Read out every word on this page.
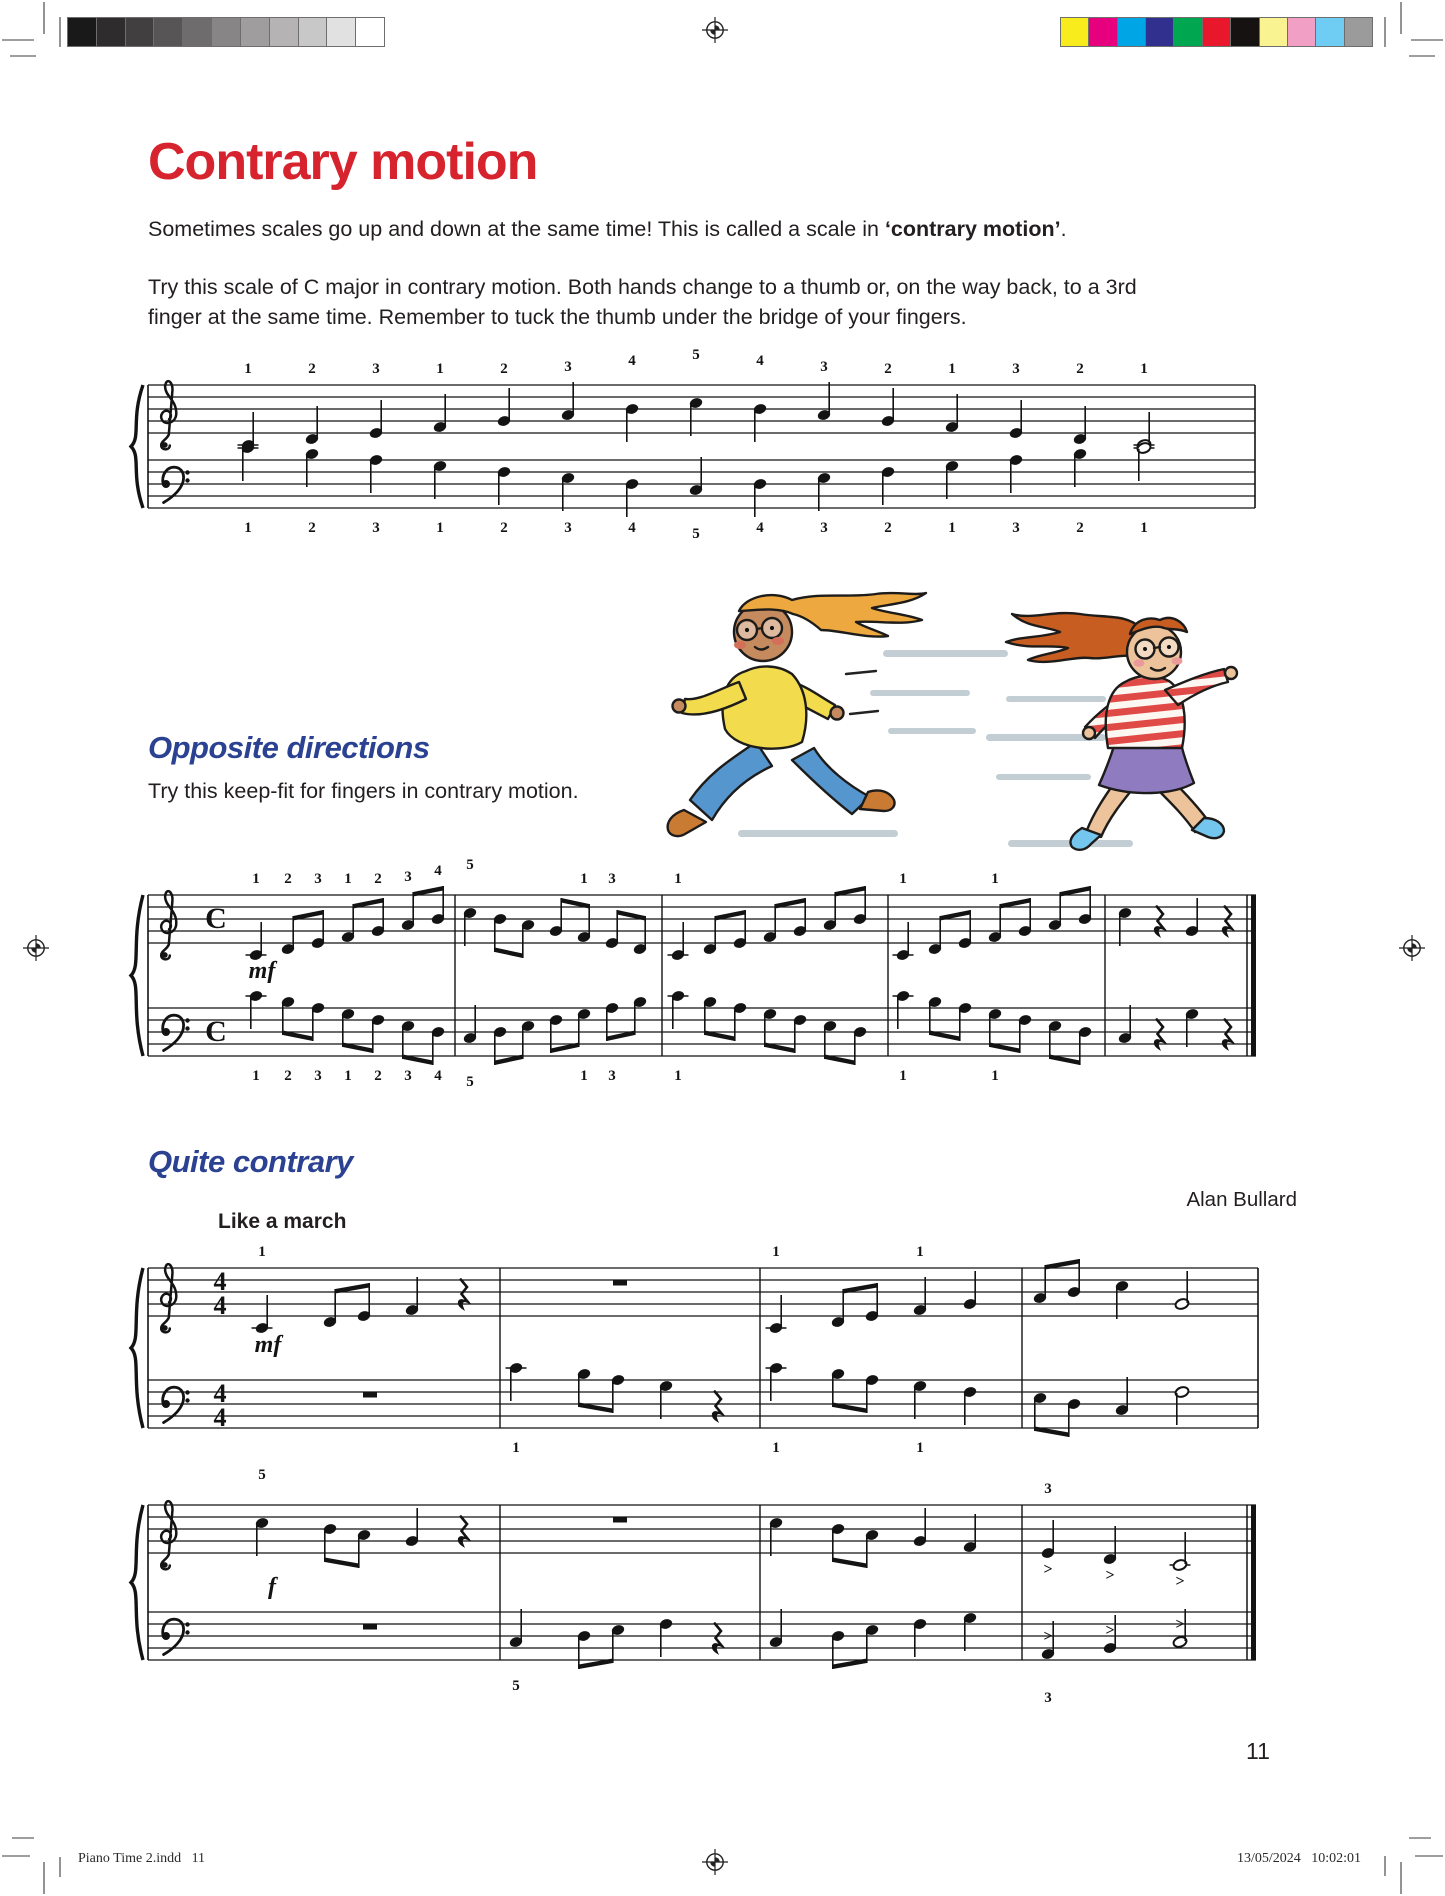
1	2	3	1	2	3	4	5	4	3	2	1	3	2	1
1	2	3	1	2	3	4	5	4	3	2	1	3	2	1
C
C
1 2 3 1 2 3 4 5
1 3	1	1	1
mf
1 2 3 1 2 3 4 5	1 3	1	1	1
4
4
4
4
1	1	1
mf
1	1	1
5
3
>	>	>
f
5
3
>	>	>
Contrary motion
Sometimes scales go up and down at the same time! This is called a scale in ‘contrary motion’.
Try this scale of C major in contrary motion. Both hands change to a thumb or, on the way back, to a 3rd
finger at the same time. Remember to tuck the thumb under the bridge of your fingers.
Opposite directions
Try this keep-fit for fingers in contrary motion.
Quite contrary
Alan Bullard
Like a march
11
Piano Time 2.indd   11	13/05/2024   10:02:01
